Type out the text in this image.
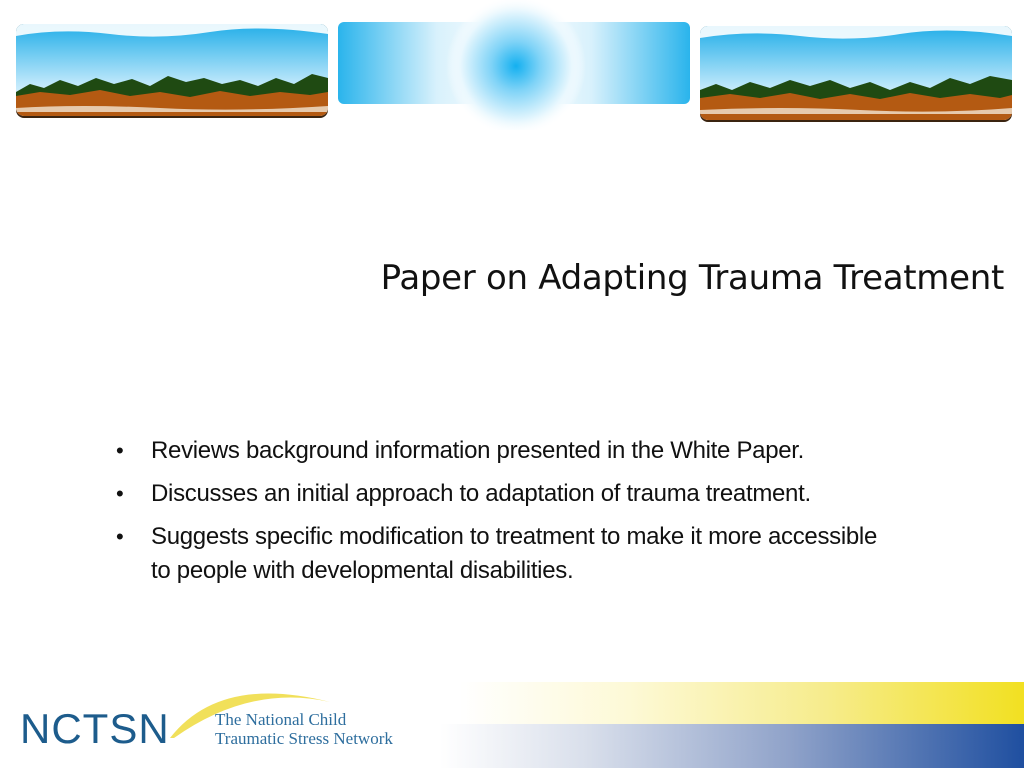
Paper on Adapting Trauma Treatment
• Reviews background information presented in the White Paper.
• Discusses an initial approach to adaptation of trauma treatment.
• Suggests specific modification to treatment to make it more accessible to people with developmental disabilities.
NCTSN	The National Child
Traumatic Stress Network
